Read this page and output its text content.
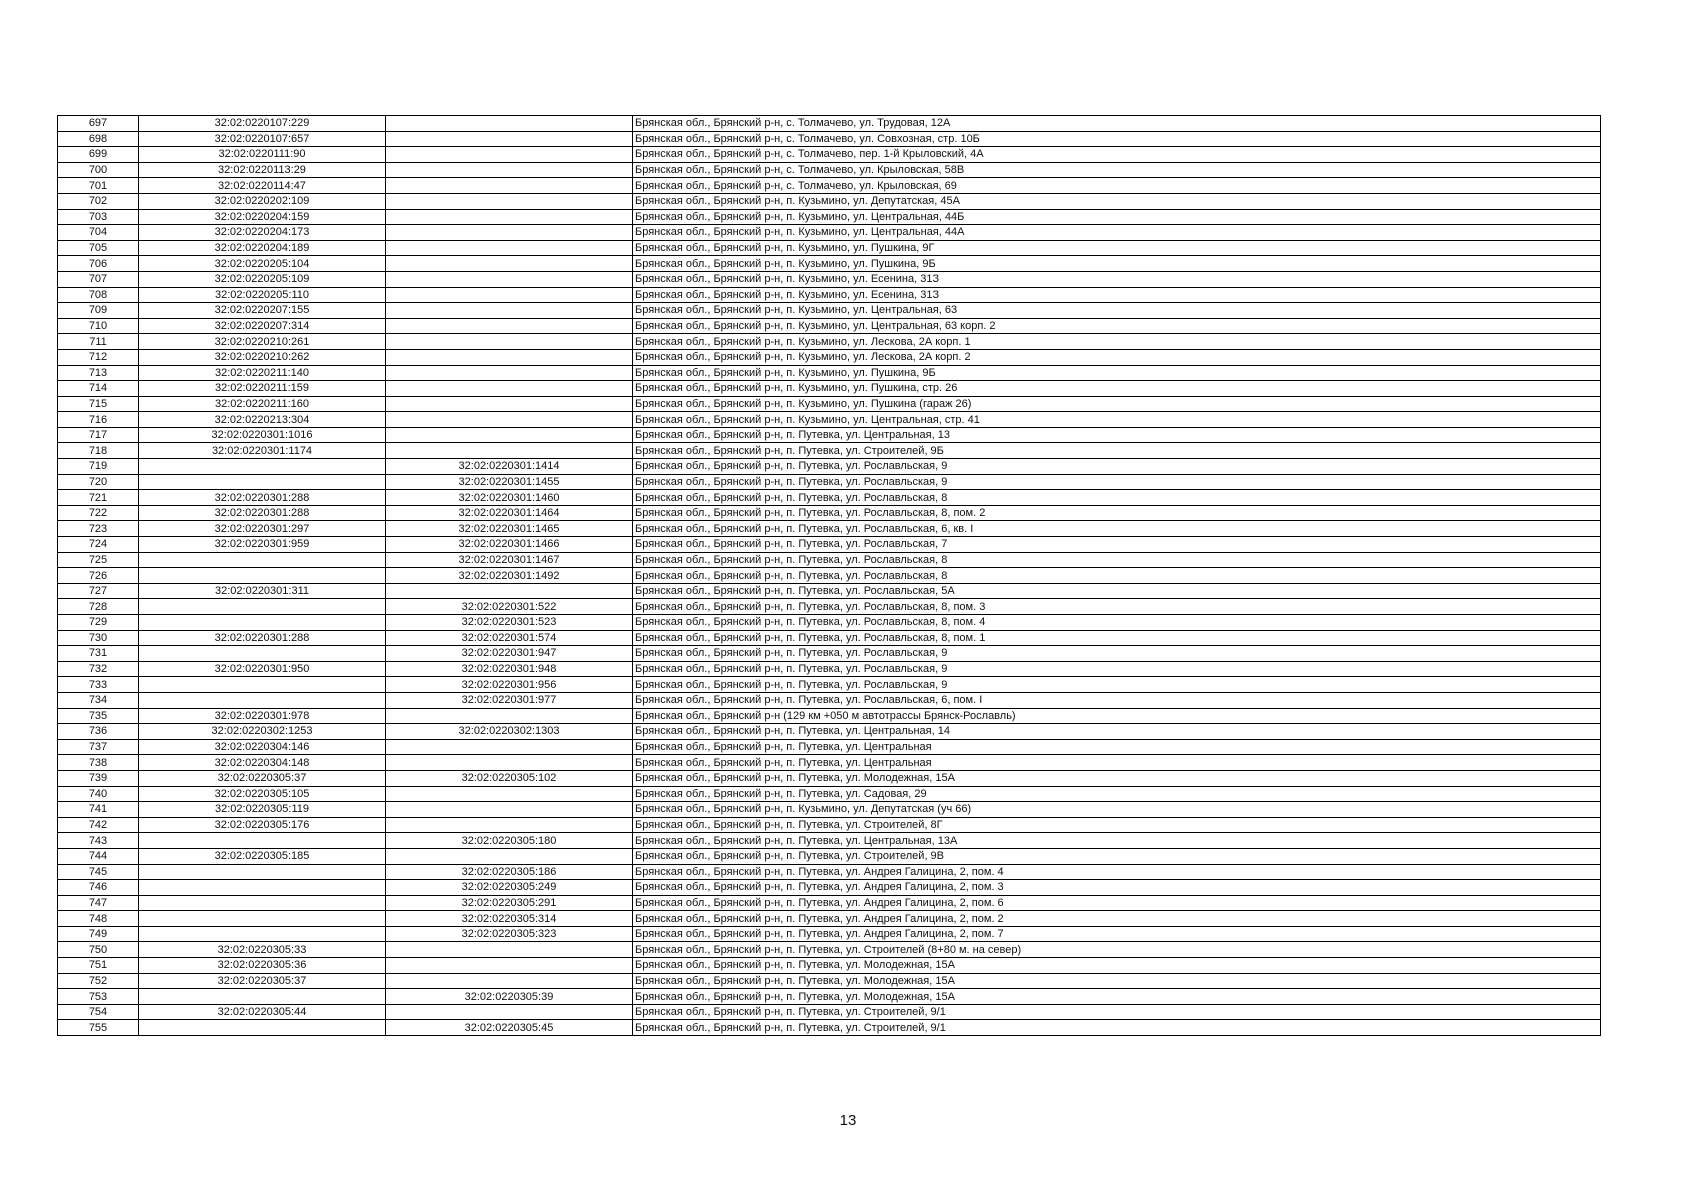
697	32:02:0220107:229		Брянская обл., Брянский р-н, с. Толмачево, ул. Трудовая, 12А
698	32:02:0220107:657		Брянская обл., Брянский р-н, с. Толмачево, ул. Совхозная, стр. 10Б
699	32:02:0220111:90		Брянская обл., Брянский р-н, с. Толмачево, пер. 1-й Крыловский, 4А
700	32:02:0220113:29		Брянская обл., Брянский р-н, с. Толмачево, ул. Крыловская, 58В
701	32:02:0220114:47		Брянская обл., Брянский р-н, с. Толмачево, ул. Крыловская, 69
702	32:02:0220202:109		Брянская обл., Брянский р-н, п. Кузьмино, ул. Депутатская, 45А
703	32:02:0220204:159		Брянская обл., Брянский р-н, п. Кузьмино, ул. Центральная, 44Б
704	32:02:0220204:173		Брянская обл., Брянский р-н, п. Кузьмино, ул. Центральная, 44А
705	32:02:0220204:189		Брянская обл., Брянский р-н, п. Кузьмино, ул. Пушкина, 9Г
706	32:02:0220205:104		Брянская обл., Брянский р-н, п. Кузьмино, ул. Пушкина, 9Б
707	32:02:0220205:109		Брянская обл., Брянский р-н, п. Кузьмино, ул. Есенина, 31З
708	32:02:0220205:110		Брянская обл., Брянский р-н, п. Кузьмино, ул. Есенина, 31З
709	32:02:0220207:155		Брянская обл., Брянский р-н, п. Кузьмино, ул. Центральная, 63
710	32:02:0220207:314		Брянская обл., Брянский р-н, п. Кузьмино, ул. Центральная, 63 корп. 2
711	32:02:0220210:261		Брянская обл., Брянский р-н, п. Кузьмино, ул. Лескова, 2А корп. 1
712	32:02:0220210:262		Брянская обл., Брянский р-н, п. Кузьмино, ул. Лескова, 2А корп. 2
713	32:02:0220211:140		Брянская обл., Брянский р-н, п. Кузьмино, ул. Пушкина, 9Б
714	32:02:0220211:159		Брянская обл., Брянский р-н, п. Кузьмино, ул. Пушкина, стр. 26
715	32:02:0220211:160		Брянская обл., Брянский р-н, п. Кузьмино, ул. Пушкина (гараж 26)
716	32:02:0220213:304		Брянская обл., Брянский р-н, п. Кузьмино, ул. Центральная, стр. 41
717	32:02:0220301:1016		Брянская обл., Брянский р-н, п. Путевка, ул. Центральная, 13
718	32:02:0220301:1174		Брянская обл., Брянский р-н, п. Путевка, ул. Строителей, 9Б
719		32:02:0220301:1414	Брянская обл., Брянский р-н, п. Путевка, ул. Рославльская, 9
720		32:02:0220301:1455	Брянская обл., Брянский р-н, п. Путевка, ул. Рославльская, 9
721	32:02:0220301:288	32:02:0220301:1460	Брянская обл., Брянский р-н, п. Путевка, ул. Рославльская, 8
722	32:02:0220301:288	32:02:0220301:1464	Брянская обл., Брянский р-н, п. Путевка, ул. Рославльская, 8, пом. 2
723	32:02:0220301:297	32:02:0220301:1465	Брянская обл., Брянский р-н, п. Путевка, ул. Рославльская, 6, кв. I
724	32:02:0220301:959	32:02:0220301:1466	Брянская обл., Брянский р-н, п. Путевка, ул. Рославльская, 7
725		32:02:0220301:1467	Брянская обл., Брянский р-н, п. Путевка, ул. Рославльская, 8
726		32:02:0220301:1492	Брянская обл., Брянский р-н, п. Путевка, ул. Рославльская, 8
727	32:02:0220301:311		Брянская обл., Брянский р-н, п. Путевка, ул. Рославльская, 5А
728		32:02:0220301:522	Брянская обл., Брянский р-н, п. Путевка, ул. Рославльская, 8, пом. 3
729		32:02:0220301:523	Брянская обл., Брянский р-н, п. Путевка, ул. Рославльская, 8, пом. 4
730	32:02:0220301:288	32:02:0220301:574	Брянская обл., Брянский р-н, п. Путевка, ул. Рославльская, 8, пом. 1
731		32:02:0220301:947	Брянская обл., Брянский р-н, п. Путевка, ул. Рославльская, 9
732	32:02:0220301:950	32:02:0220301:948	Брянская обл., Брянский р-н, п. Путевка, ул. Рославльская, 9
733		32:02:0220301:956	Брянская обл., Брянский р-н, п. Путевка, ул. Рославльская, 9
734		32:02:0220301:977	Брянская обл., Брянский р-н, п. Путевка, ул. Рославльская, 6, пом. I
735	32:02:0220301:978		Брянская обл., Брянский р-н (129 км +050 м автотрассы Брянск-Рославль)
736	32:02:0220302:1253	32:02:0220302:1303	Брянская обл., Брянский р-н, п. Путевка, ул. Центральная, 14
737	32:02:0220304:146		Брянская обл., Брянский р-н, п. Путевка, ул. Центральная
738	32:02:0220304:148		Брянская обл., Брянский р-н, п. Путевка, ул. Центральная
739	32:02:0220305:37	32:02:0220305:102	Брянская обл., Брянский р-н, п. Путевка, ул. Молодежная, 15А
740	32:02:0220305:105		Брянская обл., Брянский р-н, п. Путевка, ул. Садовая, 29
741	32:02:0220305:119		Брянская обл., Брянский р-н, п. Кузьмино, ул. Депутатская (уч 66)
742	32:02:0220305:176		Брянская обл., Брянский р-н, п. Путевка, ул. Строителей, 8Г
743		32:02:0220305:180	Брянская обл., Брянский р-н, п. Путевка, ул. Центральная, 13А
744	32:02:0220305:185		Брянская обл., Брянский р-н, п. Путевка, ул. Строителей, 9В
745		32:02:0220305:186	Брянская обл., Брянский р-н, п. Путевка, ул. Андрея Галицина, 2, пом. 4
746		32:02:0220305:249	Брянская обл., Брянский р-н, п. Путевка, ул. Андрея Галицина, 2, пом. 3
747		32:02:0220305:291	Брянская обл., Брянский р-н, п. Путевка, ул. Андрея Галицина, 2, пом. 6
748		32:02:0220305:314	Брянская обл., Брянский р-н, п. Путевка, ул. Андрея Галицина, 2, пом. 2
749		32:02:0220305:323	Брянская обл., Брянский р-н, п. Путевка, ул. Андрея Галицина, 2, пом. 7
750	32:02:0220305:33		Брянская обл., Брянский р-н, п. Путевка, ул. Строителей (8+80 м. на север)
751	32:02:0220305:36		Брянская обл., Брянский р-н, п. Путевка, ул. Молодежная, 15А
752	32:02:0220305:37		Брянская обл., Брянский р-н, п. Путевка, ул. Молодежная, 15А
753		32:02:0220305:39	Брянская обл., Брянский р-н, п. Путевка, ул. Молодежная, 15А
754	32:02:0220305:44		Брянская обл., Брянский р-н, п. Путевка, ул. Строителей, 9/1
755		32:02:0220305:45	Брянская обл., Брянский р-н, п. Путевка, ул. Строителей, 9/1
13
